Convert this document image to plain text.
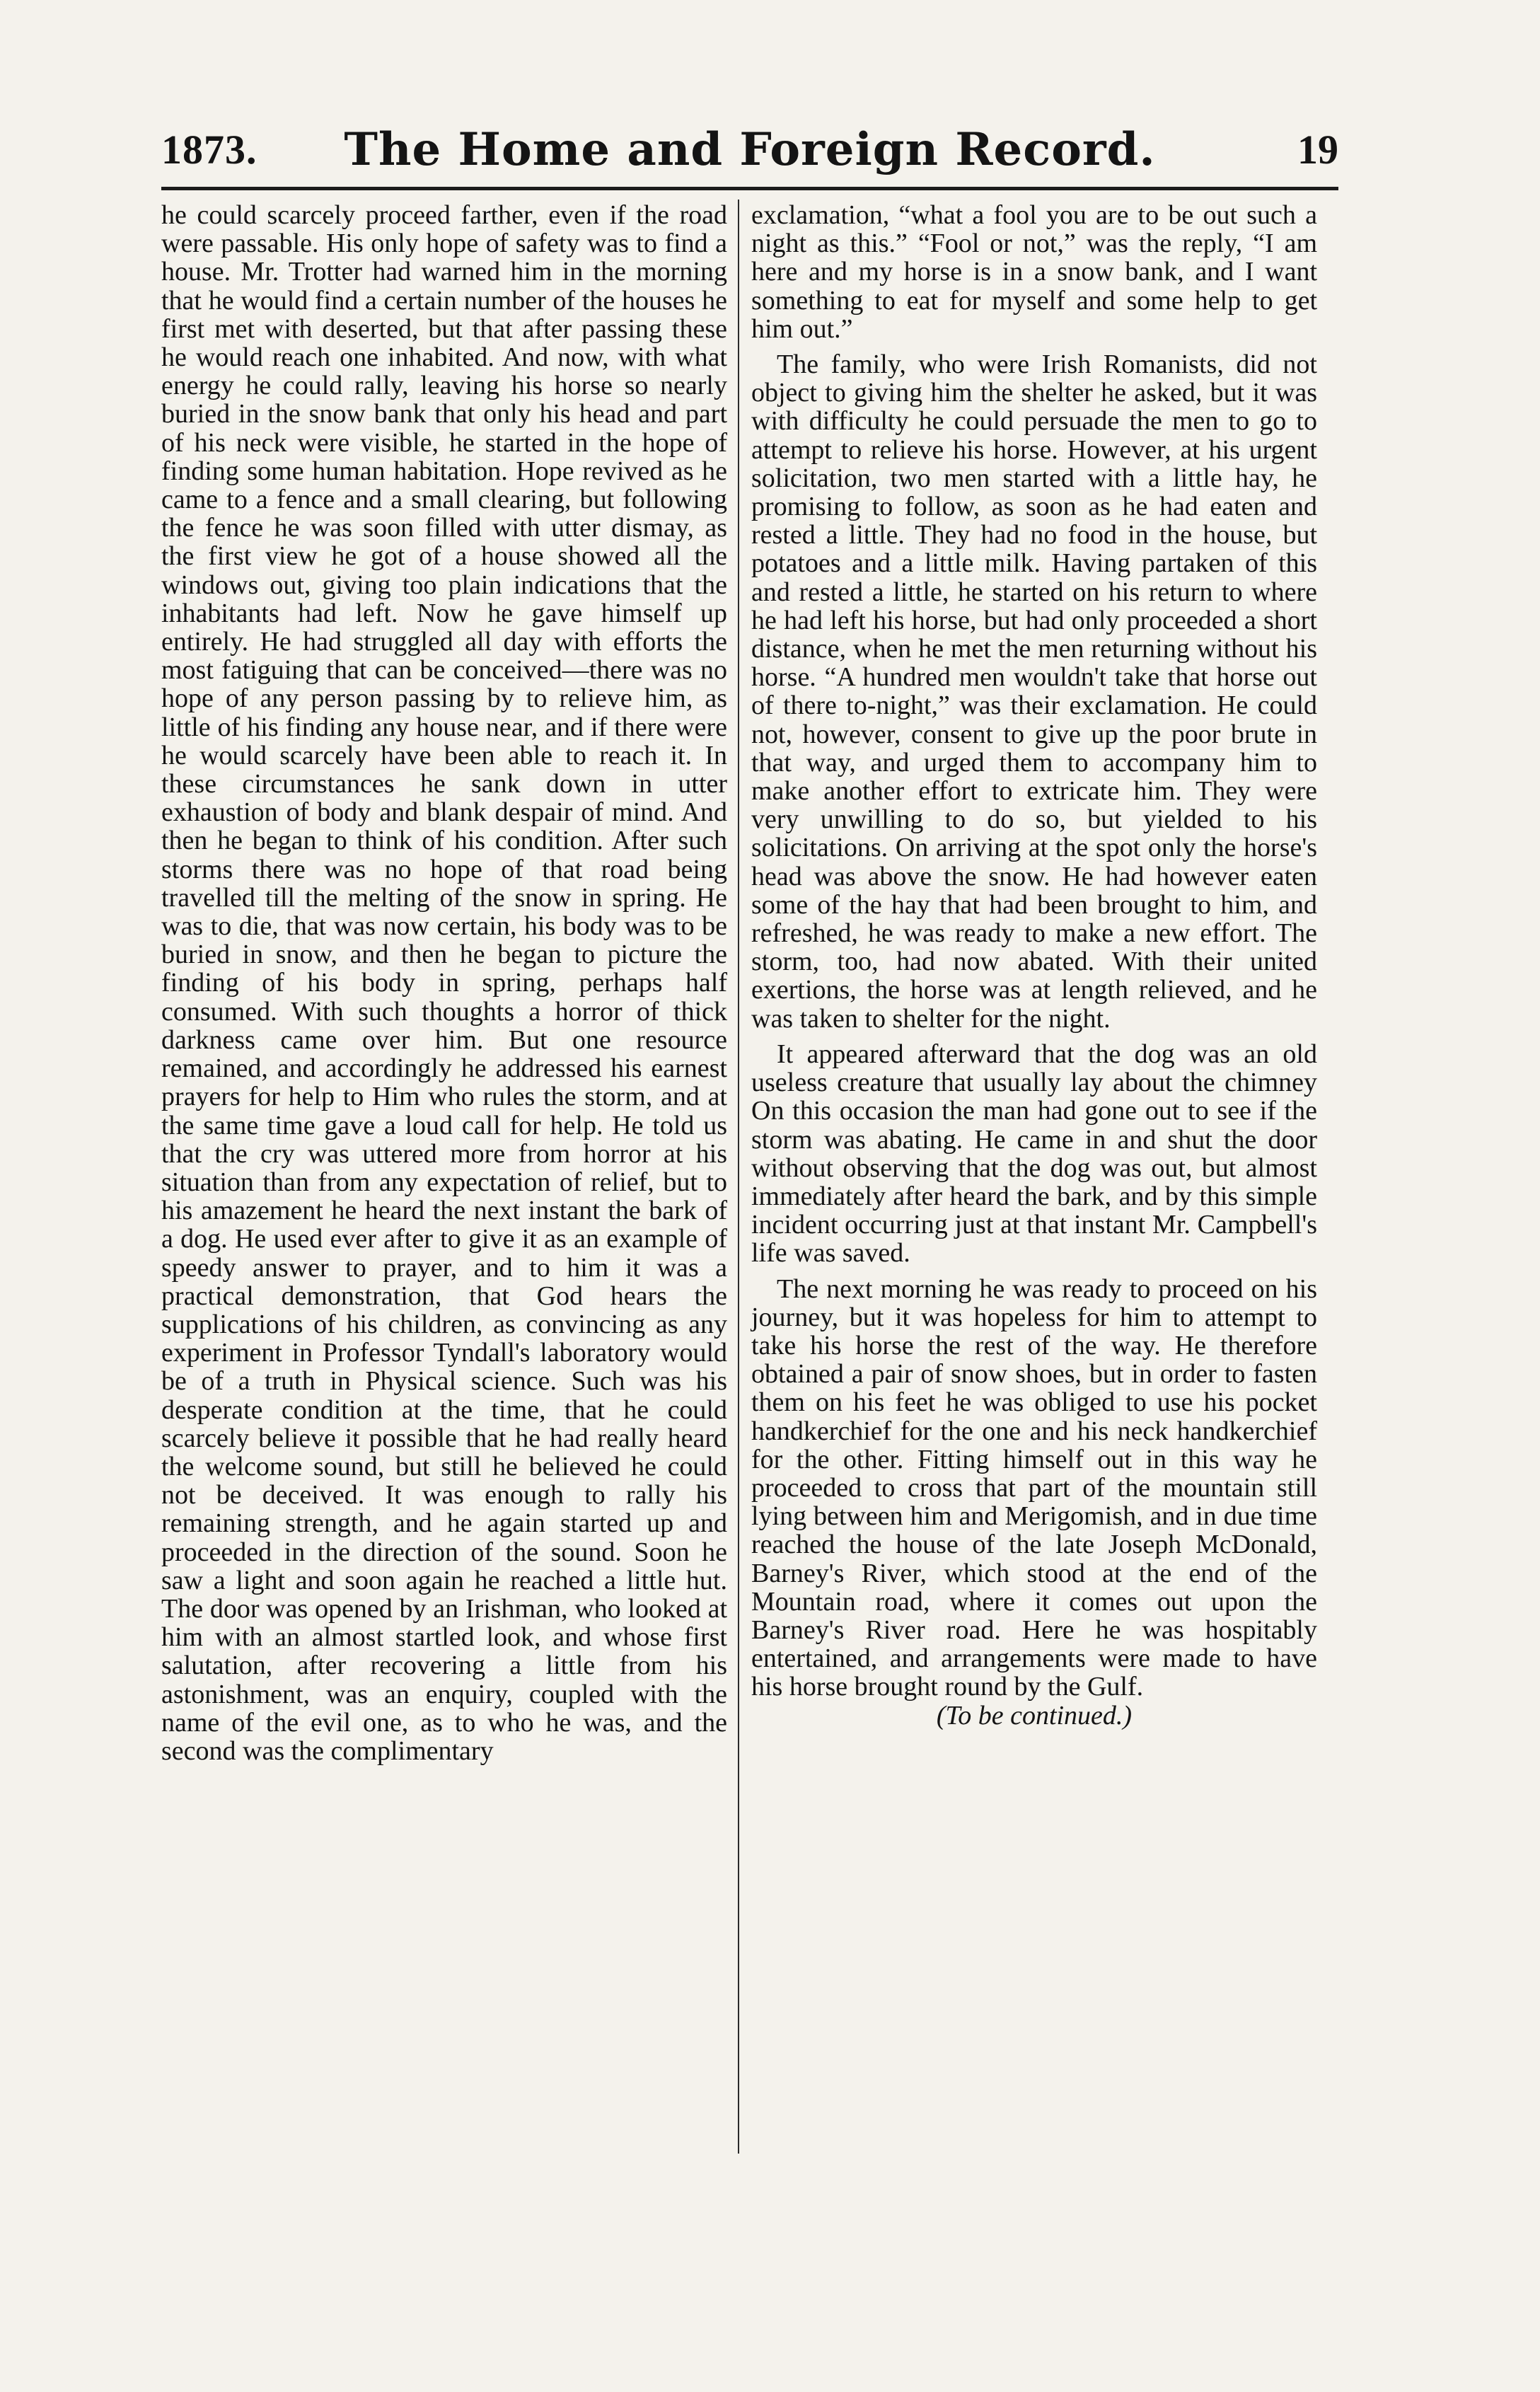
1873.	The Home and Foreign Record.	19

he could scarcely proceed farther, even if the road were passable. His only hope of safety was to find a house. Mr. Trotter had warned him in the morning that he would find a certain number of the houses he first met with deserted, but that after passing these he would reach one inhabited. And now, with what energy he could rally, leaving his horse so nearly buried in the snow bank that only his head and part of his neck were visible, he started in the hope of finding some human habitation. Hope revived as he came to a fence and a small clearing, but following the fence he was soon filled with utter dismay, as the first view he got of a house showed all the windows out, giving too plain indications that the inhabitants had left. Now he gave himself up entirely. He had struggled all day with efforts the most fatiguing that can be conceived—there was no hope of any person passing by to relieve him, as little of his finding any house near, and if there were he would scarcely have been able to reach it. In these circumstances he sank down in utter exhaustion of body and blank despair of mind. And then he began to think of his condition. After such storms there was no hope of that road being travelled till the melting of the snow in spring. He was to die, that was now certain, his body was to be buried in snow, and then he began to picture the finding of his body in spring, perhaps half consumed. With such thoughts a horror of thick darkness came over him. But one resource remained, and accordingly he addressed his earnest prayers for help to Him who rules the storm, and at the same time gave a loud call for help. He told us that the cry was uttered more from horror at his situation than from any expectation of relief, but to his amazement he heard the next instant the bark of a dog. He used ever after to give it as an example of speedy answer to prayer, and to him it was a practical demonstration, that God hears the supplications of his children, as convincing as any experiment in Professor Tyndall's laboratory would be of a truth in Physical science. Such was his desperate condition at the time, that he could scarcely believe it possible that he had really heard the welcome sound, but still he believed he could not be deceived. It was enough to rally his remaining strength, and he again started up and proceeded in the direction of the sound. Soon he saw a light and soon again he reached a little hut. The door was opened by an Irishman, who looked at him with an almost startled look, and whose first salutation, after recovering a little from his astonishment, was an enquiry, coupled with the name of the evil one, as to who he was, and the second was the complimentary

exclamation, “what a fool you are to be out such a night as this.” “Fool or not,” was the reply, “I am here and my horse is in a snow bank, and I want something to eat for myself and some help to get him out.”

The family, who were Irish Romanists, did not object to giving him the shelter he asked, but it was with difficulty he could persuade the men to go to attempt to relieve his horse. However, at his urgent solicitation, two men started with a little hay, he promising to follow, as soon as he had eaten and rested a little. They had no food in the house, but potatoes and a little milk. Having partaken of this and rested a little, he started on his return to where he had left his horse, but had only proceeded a short distance, when he met the men returning without his horse. “A hundred men wouldn't take that horse out of there to-night,” was their exclamation. He could not, however, consent to give up the poor brute in that way, and urged them to accompany him to make another effort to extricate him. They were very unwilling to do so, but yielded to his solicitations. On arriving at the spot only the horse's head was above the snow. He had however eaten some of the hay that had been brought to him, and refreshed, he was ready to make a new effort. The storm, too, had now abated. With their united exertions, the horse was at length relieved, and he was taken to shelter for the night.

It appeared afterward that the dog was an old useless creature that usually lay about the chimney On this occasion the man had gone out to see if the storm was abating. He came in and shut the door without observing that the dog was out, but almost immediately after heard the bark, and by this simple incident occurring just at that instant Mr. Campbell's life was saved.

The next morning he was ready to proceed on his journey, but it was hopeless for him to attempt to take his horse the rest of the way. He therefore obtained a pair of snow shoes, but in order to fasten them on his feet he was obliged to use his pocket handkerchief for the one and his neck handkerchief for the other. Fitting himself out in this way he proceeded to cross that part of the mountain still lying between him and Merigomish, and in due time reached the house of the late Joseph McDonald, Barney's River, which stood at the end of the Mountain road, where it comes out upon the Barney's River road. Here he was hospitably entertained, and arrangements were made to have his horse brought round by the Gulf.

(To be continued.)
